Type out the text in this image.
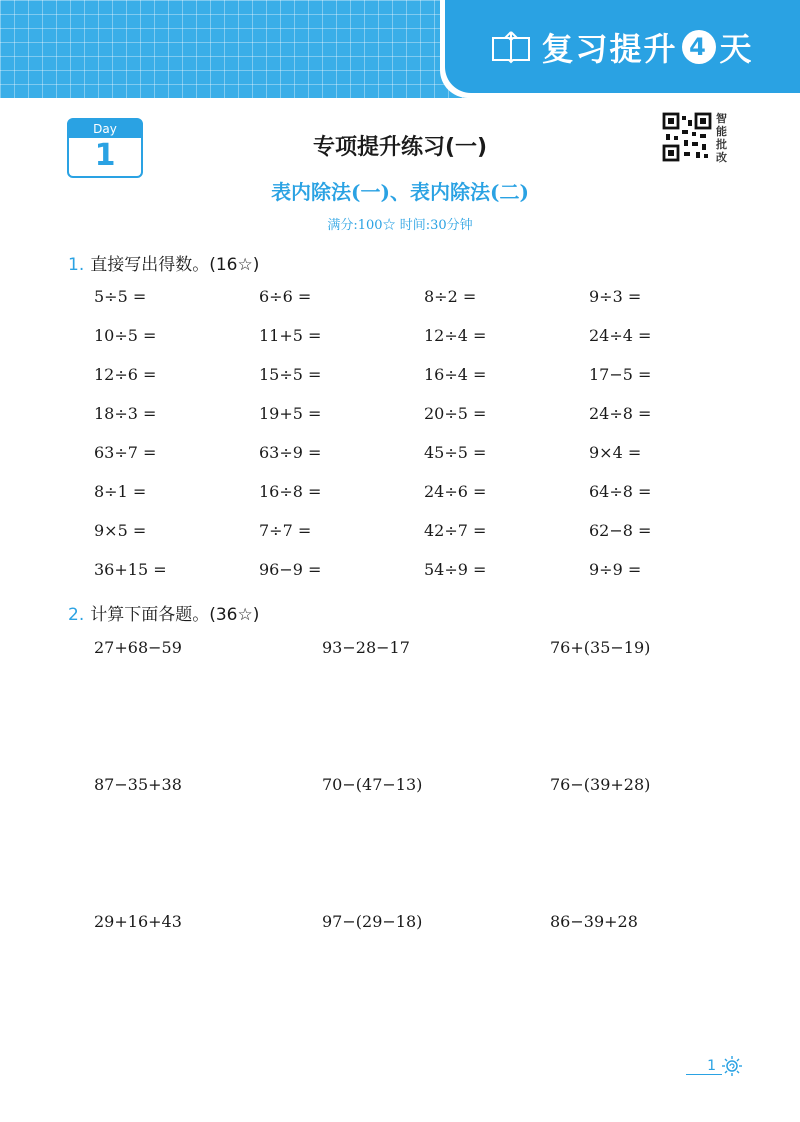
复习提升 4 天
Day
1	专项提升练习(一)
表内除法(一)、表内除法(二)
满分:100☆ 时间:30分钟
智能批改
1. 直接写出得数。(16☆)
5÷5 =	6÷6 =	8÷2 =	9÷3 =
10÷5 =	11+5 =	12÷4 =	24÷4 =
12÷6 =	15÷5 =	16÷4 =	17−5 =
18÷3 =	19+5 =	20÷5 =	24÷8 =
63÷7 =	63÷9 =	45÷5 =	9×4 =
8÷1 =	16÷8 =	24÷6 =	64÷8 =
9×5 =	7÷7 =	42÷7 =	62−8 =
36+15 =	96−9 =	54÷9 =	9÷9 =
2. 计算下面各题。(36☆)
27+68−59	93−28−17	76+(35−19)
87−35+38	70−(47−13)	76−(39+28)
29+16+43	97−(29−18)	86−39+28
1
